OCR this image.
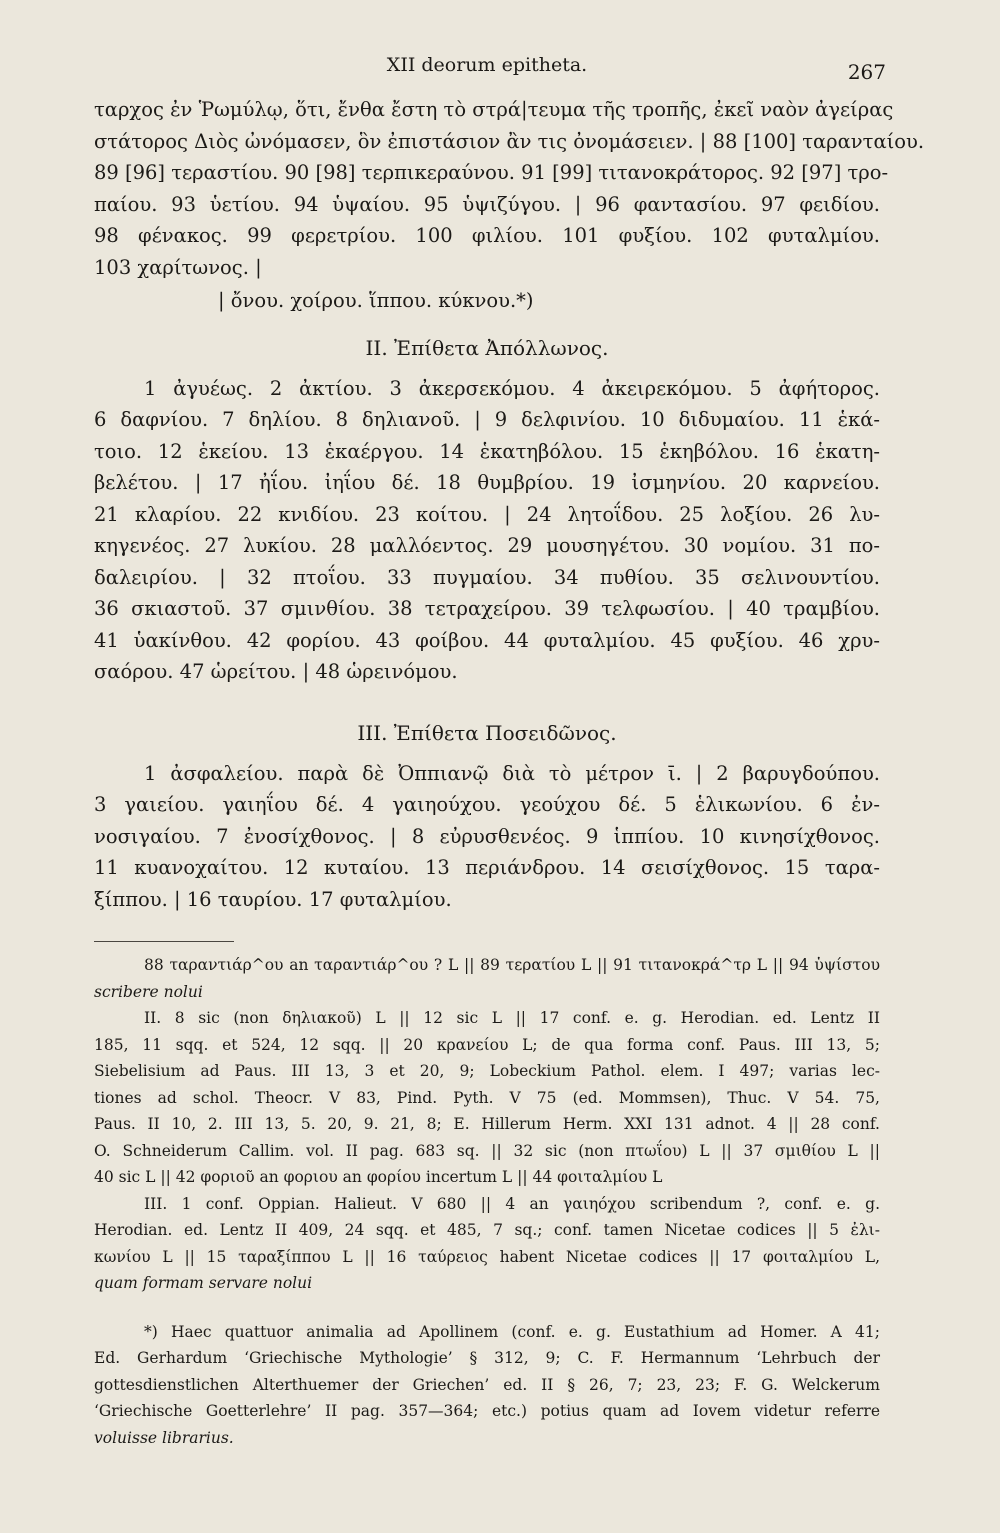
XII deorum epitheta.	267
ταρχος ἐν Ῥωμύλῳ, ὅτι, ἔνθα ἔστη τὸ στρά|τευμα τῆς τροπῆς, ἐκεῖ ναὸν ἀγείρας
στάτορος Διὸς ὠνόμασεν, ὃν ἐπιστάσιον ἂν τις ὀνομάσειεν. | 88 [100] ταρανταίου.
89 [96] τεραστίου. 90 [98] τερπικεραύνου. 91 [99] τιτανοκράτορος. 92 [97] τρο-
παίου. 93 ὑετίου. 94 ὑψαίου. 95 ὑψιζύγου. | 96 φαντασίου. 97 φειδίου.
98 φένακος. 99 φερετρίου. 100 φιλίου. 101 φυξίου. 102 φυταλμίου.
103 χαρίτωνος. |
| ὄνου. χοίρου. ἵππου. κύκνου.*)
II. Ἐπίθετα Ἀπόλλωνος.
1 ἀγυέως. 2 ἀκτίου. 3 ἀκερσεκόμου. 4 ἀκειρεκόμου. 5 ἀφήτορος.
6 δαφνίου. 7 δηλίου. 8 δηλιανοῦ. | 9 δελφινίου. 10 διδυμαίου. 11 ἑκά-
τοιο. 12 ἑκείου. 13 ἑκαέργου. 14 ἑκατηβόλου. 15 ἑκηβόλου. 16 ἑκατη-
βελέτου. | 17 ἠΐου. ἰηΐου δέ. 18 θυμβρίου. 19 ἰσμηνίου. 20 καρνείου.
21 κλαρίου. 22 κνιδίου. 23 κοίτου. | 24 λητοΐδου. 25 λοξίου. 26 λυ-
κηγενέος. 27 λυκίου. 28 μαλλόεντος. 29 μουσηγέτου. 30 νομίου. 31 πο-
δαλειρίου. | 32 πτοΐου. 33 πυγμαίου. 34 πυθίου. 35 σελινουντίου.
36 σκιαστοῦ. 37 σμινθίου. 38 τετραχείρου. 39 τελφωσίου. | 40 τραμβίου.
41 ὑακίνθου. 42 φορίου. 43 φοίβου. 44 φυταλμίου. 45 φυξίου. 46 χρυ-
σαόρου. 47 ὡρείτου. | 48 ὡρεινόμου.
III. Ἐπίθετα Ποσειδῶνος.
1 ἀσφαλείου. παρὰ δὲ Ὀππιανῷ διὰ τὸ μέτρον ῑ. | 2 βαρυγδούπου.
3 γαιείου. γαιηΐου δέ. 4 γαιηούχου. γεούχου δέ. 5 ἑλικωνίου. 6 ἐν-
νοσιγαίου. 7 ἐνοσίχθονος. | 8 εὐρυσθενέος. 9 ἱππίου. 10 κινησίχθονος.
11 κυανοχαίτου. 12 κυταίου. 13 περιάνδρου. 14 σεισίχθονος. 15 ταρα-
ξίππου. | 16 ταυρίου. 17 φυταλμίου.
88 ταραντιάρ^ου an ταραντιάρ^ου ? L || 89 τερατίου L || 91 τιτανοκρά^τρ L || 94 ὑψίστου
scribere nolui
II. 8 sic (non δηλιακοῦ) L || 12 sic L || 17 conf. e. g. Herodian. ed. Lentz II
185, 11 sqq. et 524, 12 sqq. || 20 κρανείου L; de qua forma conf. Paus. III 13, 5;
Siebelisium ad Paus. III 13, 3 et 20, 9; Lobeckium Pathol. elem. I 497; varias lec-
tiones ad schol. Theocr. V 83, Pind. Pyth. V 75 (ed. Mommsen), Thuc. V 54. 75,
Paus. II 10, 2. III 13, 5. 20, 9. 21, 8; E. Hillerum Herm. XXI 131 adnot. 4 || 28 conf.
O. Schneiderum Callim. vol. II pag. 683 sq. || 32 sic (non πτωΐου) L || 37 σμιθίου L ||
40 sic L || 42 φοριοῦ an φοριου an φορίου incertum L || 44 φοιταλμίου L
III. 1 conf. Oppian. Halieut. V 680 || 4 an γαιηόχου scribendum ?, conf. e. g.
Herodian. ed. Lentz II 409, 24 sqq. et 485, 7 sq.; conf. tamen Nicetae codices || 5 ἐλι-
κωνίου L || 15 ταραξίππου L || 16 ταύρειος habent Nicetae codices || 17 φοιταλμίου L,
quam formam servare nolui
*) Haec quattuor animalia ad Apollinem (conf. e. g. Eustathium ad Homer. A 41;
Ed. Gerhardum ‘Griechische Mythologie’ § 312, 9; C. F. Hermannum ‘Lehrbuch der
gottesdienstlichen Alterthuemer der Griechen’ ed. II § 26, 7; 23, 23; F. G. Welckerum
‘Griechische Goetterlehre’ II pag. 357—364; etc.) potius quam ad Iovem videtur referre
voluisse librarius.
